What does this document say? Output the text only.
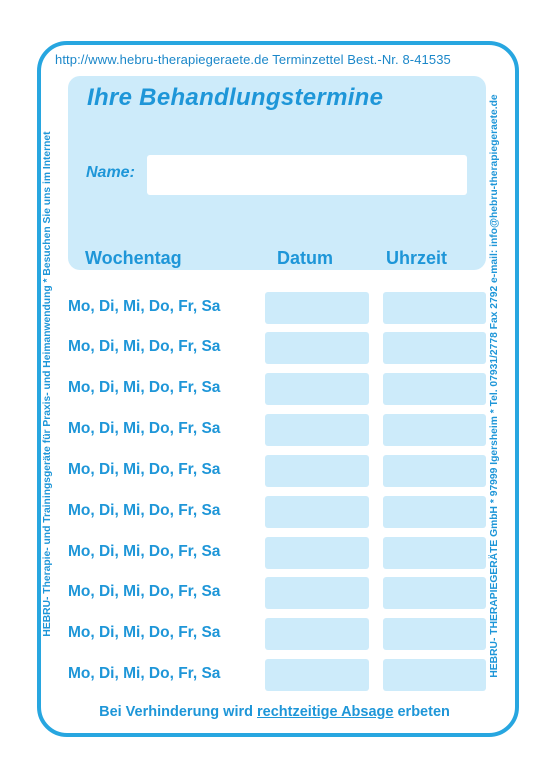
http://www.hebru-therapiegeraete.de Terminzettel Best.-Nr. 8-41535
Ihre Behandlungstermine
Name:
Wochentag	Datum	Uhrzeit
Mo, Di, Mi, Do, Fr, Sa
Mo, Di, Mi, Do, Fr, Sa
Mo, Di, Mi, Do, Fr, Sa
Mo, Di, Mi, Do, Fr, Sa
Mo, Di, Mi, Do, Fr, Sa
Mo, Di, Mi, Do, Fr, Sa
Mo, Di, Mi, Do, Fr, Sa
Mo, Di, Mi, Do, Fr, Sa
Mo, Di, Mi, Do, Fr, Sa
Mo, Di, Mi, Do, Fr, Sa
HEBRU- Therapie- und Trainingsgeräte für Praxis- und Heimanwendung * Besuchen Sie uns im Internet	HEBRU- THERAPIEGERÄTE GmbH * 97999 Igersheim * Tel. 07931/2778 Fax 2792 e-mail: info@hebru-therapiegeraete.de
Bei Verhinderung wird rechtzeitige Absage erbeten
